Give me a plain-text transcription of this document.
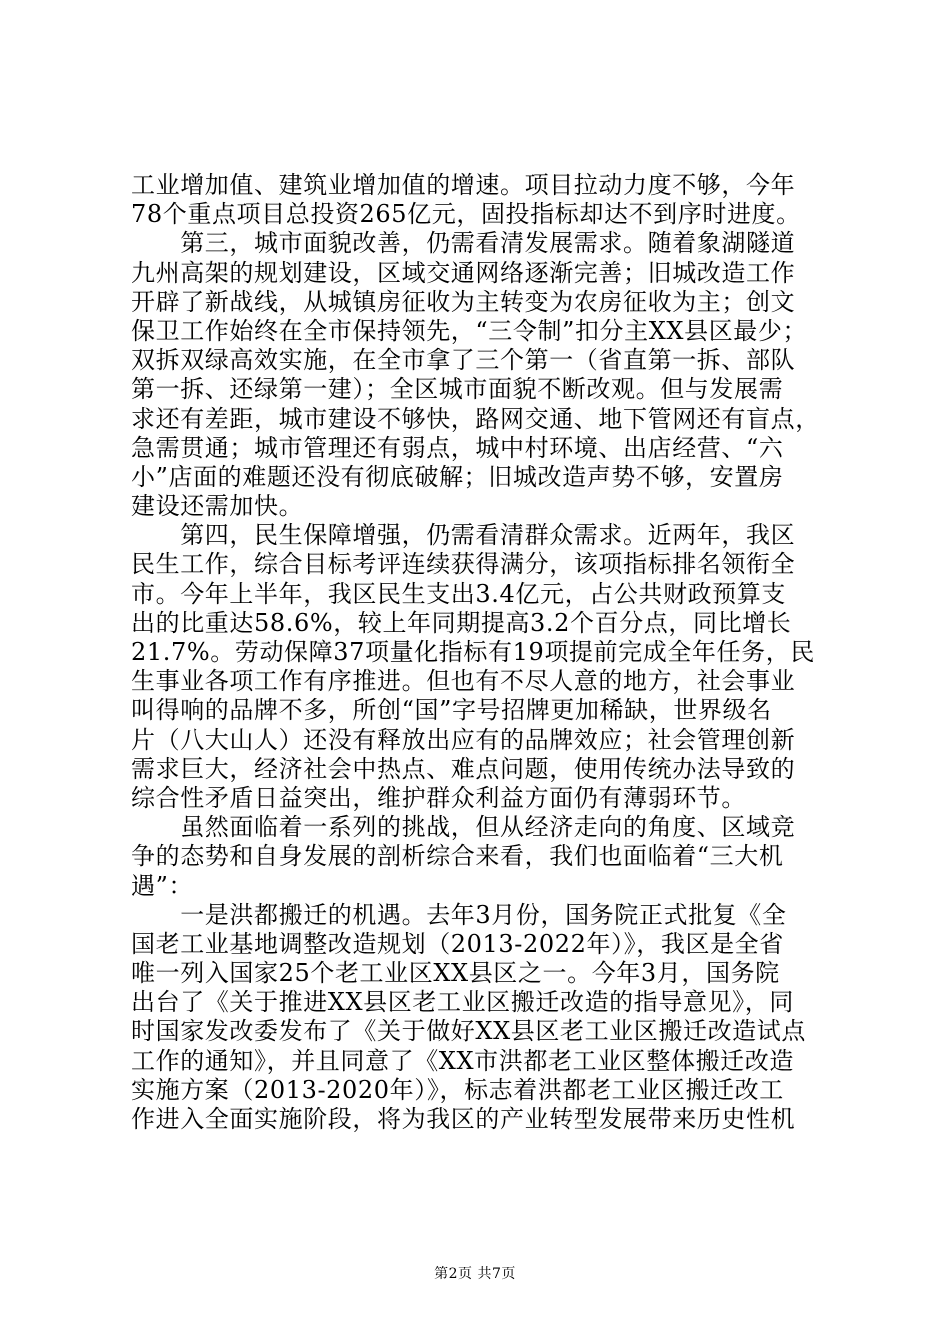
工业增加值、建筑业增加值的增速。项目拉动力度不够，今年
78个重点项目总投资265亿元，固投指标却达不到序时进度。
　　第三，城市面貌改善，仍需看清发展需求。随着象湖隧道
九州高架的规划建设，区域交通网络逐渐完善；旧城改造工作
开辟了新战线，从城镇房征收为主转变为农房征收为主；创文
保卫工作始终在全市保持领先，“三令制”扣分主XX县区最少；
双拆双绿高效实施，在全市拿了三个第一（省直第一拆、部队
第一拆、还绿第一建）；全区城市面貌不断改观。但与发展需
求还有差距，城市建设不够快，路网交通、地下管网还有盲点，
急需贯通；城市管理还有弱点，城中村环境、出店经营、“六
小”店面的难题还没有彻底破解；旧城改造声势不够，安置房
建设还需加快。
　　第四，民生保障增强，仍需看清群众需求。近两年，我区
民生工作，综合目标考评连续获得满分，该项指标排名领衔全
市。今年上半年，我区民生支出3.4亿元，占公共财政预算支
出的比重达58.6%，较上年同期提高3.2个百分点，同比增长
21.7%。劳动保障37项量化指标有19项提前完成全年任务，民
生事业各项工作有序推进。但也有不尽人意的地方，社会事业
叫得响的品牌不多，所创“国”字号招牌更加稀缺，世界级名
片（八大山人）还没有释放出应有的品牌效应；社会管理创新
需求巨大，经济社会中热点、难点问题，使用传统办法导致的
综合性矛盾日益突出，维护群众利益方面仍有薄弱环节。
　　虽然面临着一系列的挑战，但从经济走向的角度、区域竞
争的态势和自身发展的剖析综合来看，我们也面临着“三大机
遇”：
　　一是洪都搬迁的机遇。去年3月份，国务院正式批复《全
国老工业基地调整改造规划（2013-2022年）》，我区是全省
唯一列入国家25个老工业区XX县区之一。今年3月，国务院
出台了《关于推进XX县区老工业区搬迁改造的指导意见》，同
时国家发改委发布了《关于做好XX县区老工业区搬迁改造试点
工作的通知》，并且同意了《XX市洪都老工业区整体搬迁改造
实施方案（2013-2020年）》，标志着洪都老工业区搬迁改工
作进入全面实施阶段，将为我区的产业转型发展带来历史性机
第2页 共7页
